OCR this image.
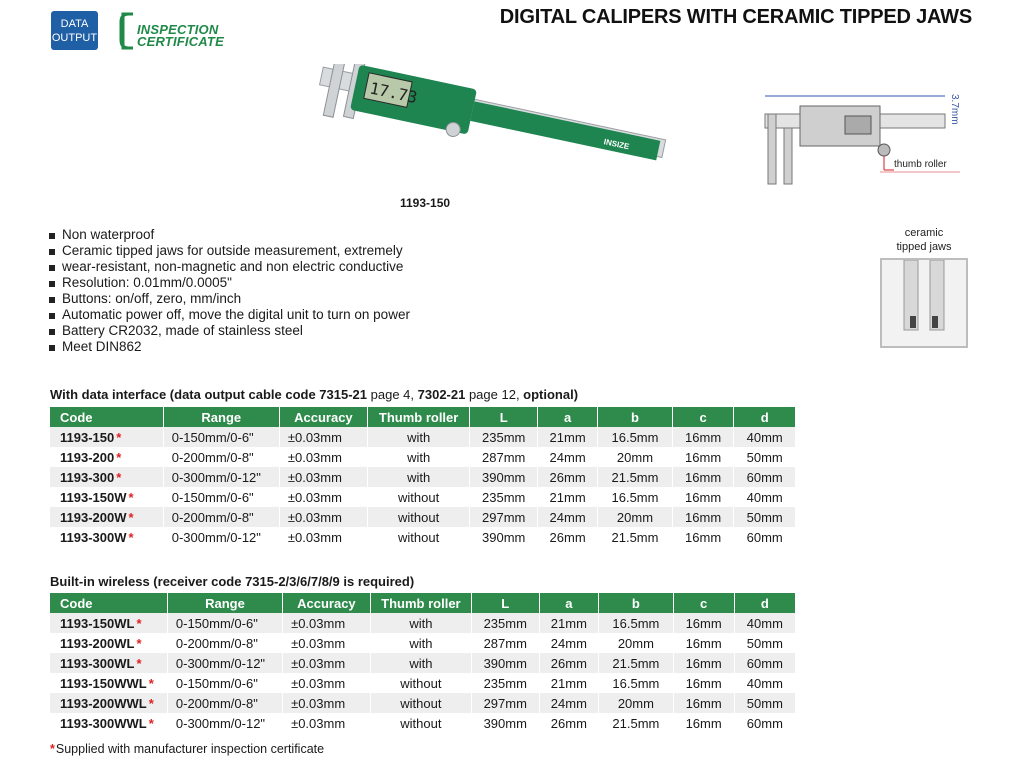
DATA
OUTPUT
INSPECTION
CERTIFICATE
DIGITAL CALIPERS WITH CERAMIC TIPPED JAWS
17.73
INSIZE
1193-150
thumb roller
3.7mm
ceramic
tipped jaws
Non waterproof
Ceramic tipped jaws for outside measurement, extremely
wear-resistant, non-magnetic and non electric conductive
Resolution: 0.01mm/0.0005"
Buttons: on/off, zero, mm/inch
Automatic power off, move the digital unit to turn on power
Battery CR2032, made of stainless steel
Meet DIN862
With data interface (data output cable code 7315-21 page 4, 7302-21 page 12, optional)
Code	Range	Accuracy	Thumb roller	L	a	b	c	d
1193-150 *	0-150mm/0-6"	±0.03mm	with	235mm	21mm	16.5mm	16mm	40mm
1193-200 *	0-200mm/0-8"	±0.03mm	with	287mm	24mm	20mm	16mm	50mm
1193-300 *	0-300mm/0-12"	±0.03mm	with	390mm	26mm	21.5mm	16mm	60mm
1193-150W *	0-150mm/0-6"	±0.03mm	without	235mm	21mm	16.5mm	16mm	40mm
1193-200W *	0-200mm/0-8"	±0.03mm	without	297mm	24mm	20mm	16mm	50mm
1193-300W *	0-300mm/0-12"	±0.03mm	without	390mm	26mm	21.5mm	16mm	60mm
Built-in wireless (receiver code 7315-2/3/6/7/8/9 is required)
Code	Range	Accuracy	Thumb roller	L	a	b	c	d
1193-150WL *	0-150mm/0-6"	±0.03mm	with	235mm	21mm	16.5mm	16mm	40mm
1193-200WL *	0-200mm/0-8"	±0.03mm	with	287mm	24mm	20mm	16mm	50mm
1193-300WL *	0-300mm/0-12"	±0.03mm	with	390mm	26mm	21.5mm	16mm	60mm
1193-150WWL *	0-150mm/0-6"	±0.03mm	without	235mm	21mm	16.5mm	16mm	40mm
1193-200WWL *	0-200mm/0-8"	±0.03mm	without	297mm	24mm	20mm	16mm	50mm
1193-300WWL *	0-300mm/0-12"	±0.03mm	without	390mm	26mm	21.5mm	16mm	60mm
*Supplied with manufacturer inspection certificate
